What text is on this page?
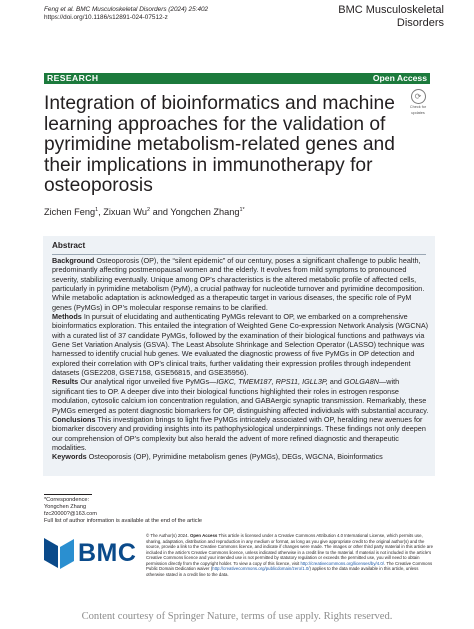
Feng et al. BMC Musculoskeletal Disorders (2024) 25:402
https://doi.org/10.1186/s12891-024-07512-z
BMC Musculoskeletal
Disorders
RESEARCH	Open Access
⟳
Check for
updates
Integration of bioinformatics and machine learning approaches for the validation of pyrimidine metabolism-related genes and their implications in immunotherapy for osteoporosis
Zichen Feng$^1$, Zixuan Wu$^2$ and Yongchen Zhang$^{1*}$
Abstract

Background Osteoporosis (OP), the “silent epidemic” of our century, poses a significant challenge to public health, predominantly affecting postmenopausal women and the elderly. It evolves from mild symptoms to pronounced severity, stabilizing eventually. Unique among OP’s characteristics is the altered metabolic profile of affected cells, particularly in pyrimidine metabolism (PyM), a crucial pathway for nucleotide turnover and pyrimidine decomposition. While metabolic adaptation is acknowledged as a therapeutic target in various diseases, the specific role of PyM genes (PyMGs) in OP’s molecular response remains to be clarified.

Methods In pursuit of elucidating and authenticating PyMGs relevant to OP, we embarked on a comprehensive bioinformatics exploration. This entailed the integration of Weighted Gene Co-expression Network Analysis (WGCNA) with a curated list of 37 candidate PyMGs, followed by the examination of their biological functions and pathways via Gene Set Variation Analysis (GSVA). The Least Absolute Shrinkage and Selection Operator (LASSO) technique was harnessed to identify crucial hub genes. We evaluated the diagnostic prowess of five PyMGs in OP detection and explored their correlation with OP’s clinical traits, further validating their expression profiles through independent datasets (GSE2208, GSE7158, GSE56815, and GSE35956).

Results Our analytical rigor unveiled five PyMGs—IGKC, TMEM187, RPS11, IGLL3P, and GOLGA8N—with significant ties to OP. A deeper dive into their biological functions highlighted their roles in estrogen response modulation, cytosolic calcium ion concentration regulation, and GABAergic synaptic transmission. Remarkably, these PyMGs emerged as potent diagnostic biomarkers for OP, distinguishing affected individuals with substantial accuracy.

Conclusions This investigation brings to light five PyMGs intricately associated with OP, heralding new avenues for biomarker discovery and providing insights into its pathophysiological underpinnings. These findings not only deepen our comprehension of OP’s complexity but also herald the advent of more refined diagnostic and therapeutic modalities.

Keywords Osteoporosis (OP), Pyrimidine metabolism genes (PyMGs), DEGs, WGCNA, Bioinformatics

*Correspondence:
Yongchen Zhang
fzc20000?@163.com
Full list of author information is available at the end of the article
BMC
© The Author(s) 2024. Open Access This article is licensed under a Creative Commons Attribution 4.0 International License, which permits use, sharing, adaptation, distribution and reproduction in any medium or format, as long as you give appropriate credit to the original author(s) and the source, provide a link to the Creative Commons licence, and indicate if changes were made. The images or other third party material in this article are included in the article’s Creative Commons licence, unless indicated otherwise in a credit line to the material. If material is not included in the article’s Creative Commons licence and your intended use is not permitted by statutory regulation or exceeds the permitted use, you will need to obtain permission directly from the copyright holder. To view a copy of this licence, visit http://creativecommons.org/licenses/by/4.0/. The Creative Commons Public Domain Dedication waiver (http://creativecommons.org/publicdomain/zero/1.0/) applies to the data made available in this article, unless otherwise stated in a credit line to the data.
Content courtesy of Springer Nature, terms of use apply. Rights reserved.
